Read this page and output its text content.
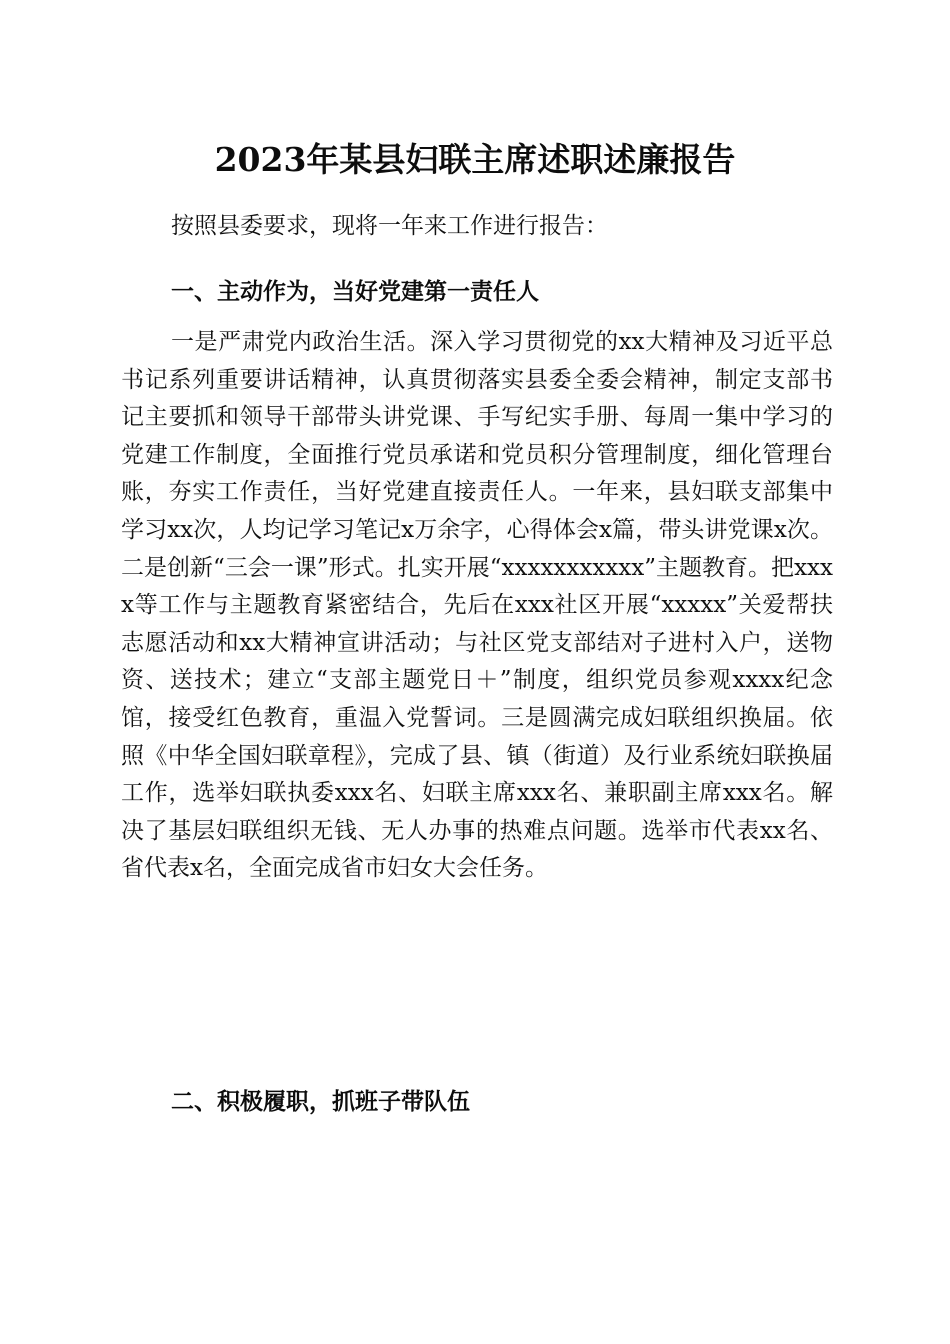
2023年某县妇联主席述职述廉报告
按照县委要求，现将一年来工作进行报告：
一、主动作为，当好党建第一责任人
一是严肃党内政治生活。深入学习贯彻党的xx大精神及习近平总书记系列重要讲话精神，认真贯彻落实县委全委会精神，制定支部书记主要抓和领导干部带头讲党课、手写纪实手册、每周一集中学习的党建工作制度，全面推行党员承诺和党员积分管理制度，细化管理台账，夯实工作责任，当好党建直接责任人。一年来，县妇联支部集中学习xx次，人均记学习笔记x万余字，心得体会x篇，带头讲党课x次。二是创新“三会一课”形式。扎实开展“xxxxxxxxxxx”主题教育。把xxxx等工作与主题教育紧密结合，先后在xxx社区开展“xxxxx”关爱帮扶志愿活动和xx大精神宣讲活动；与社区党支部结对子进村入户，送物资、送技术；建立“支部主题党日＋”制度，组织党员参观xxxx纪念馆，接受红色教育，重温入党誓词。三是圆满完成妇联组织换届。依照《中华全国妇联章程》，完成了县、镇（街道）及行业系统妇联换届工作，选举妇联执委xxx名、妇联主席xxx名、兼职副主席xxx名。解决了基层妇联组织无钱、无人办事的热难点问题。选举市代表xx名、省代表x名，全面完成省市妇女大会任务。
二、积极履职，抓班子带队伍
